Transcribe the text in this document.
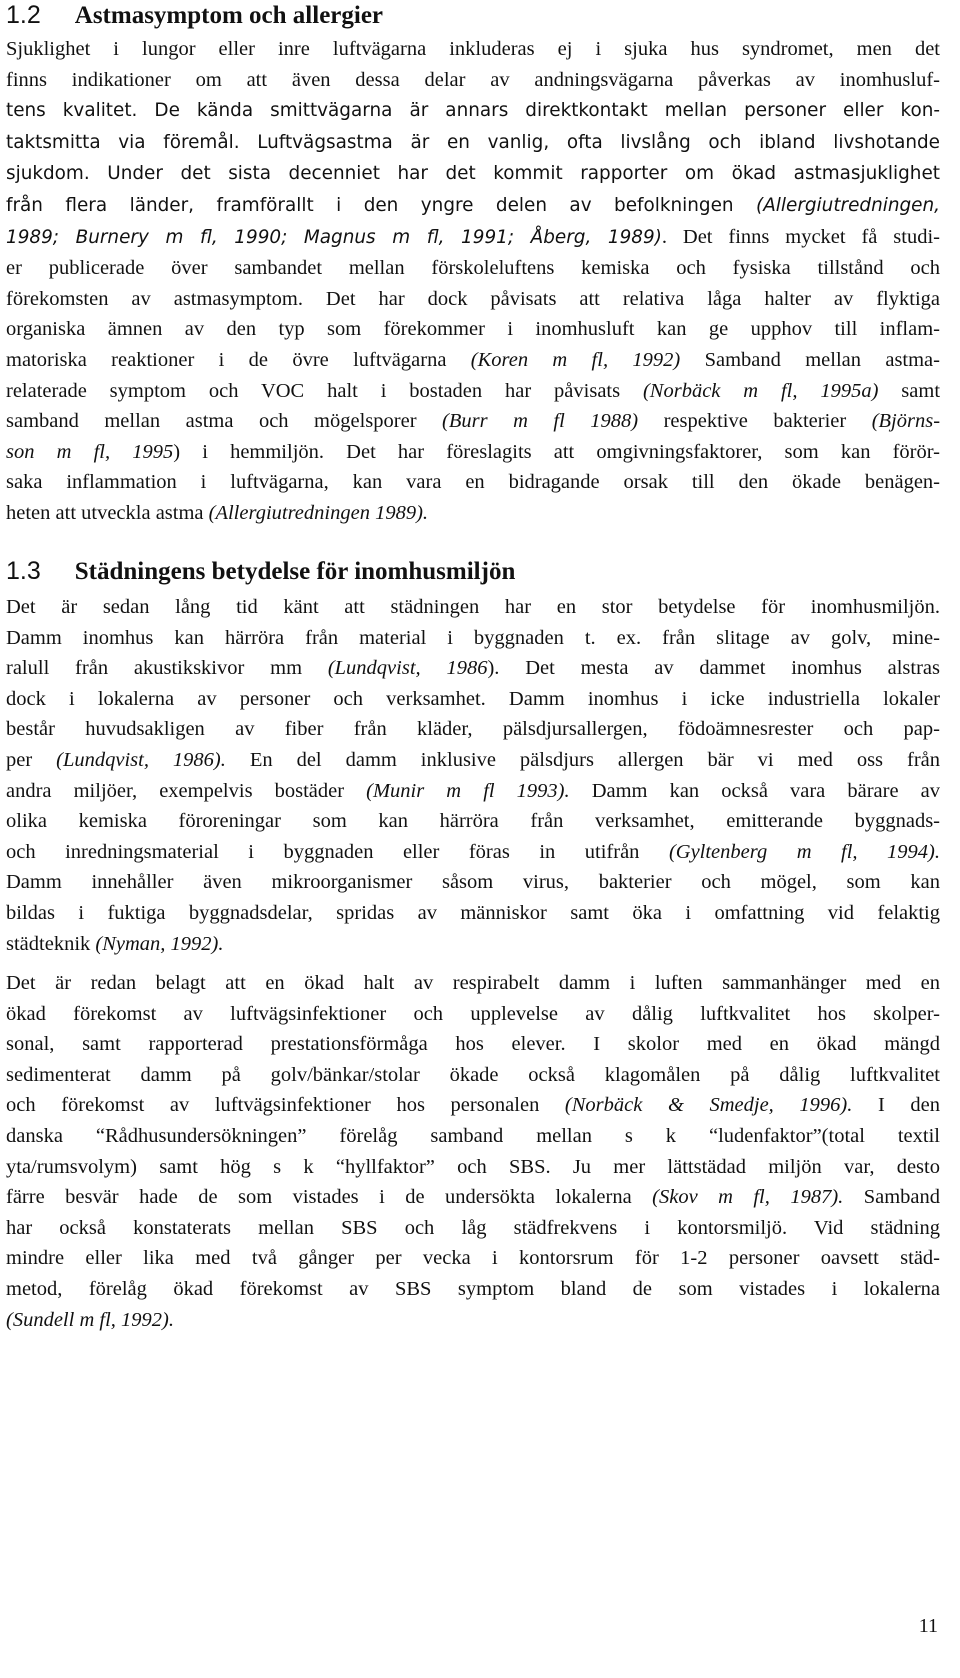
1.2 Astmasymptom och allergier
Sjuklighet i lungor eller inre luftvägarna inkluderas ej i sjuka hus syndromet, men det
finns indikationer om att även dessa delar av andningsvägarna påverkas av inomhusluf-
tens kvalitet. De kända smittvägarna är annars direktkontakt mellan personer eller kon-
taktsmitta via föremål. Luftvägsastma är en vanlig, ofta livslång och ibland livshotande
sjukdom. Under det sista decenniet har det kommit rapporter om ökad astmasjuklighet
från flera länder, framförallt i den yngre delen av befolkningen (Allergiutredningen,
1989; Burnery m fl, 1990; Magnus m fl, 1991; Åberg, 1989). Det finns mycket få studi-
er publicerade över sambandet mellan förskoleluftens kemiska och fysiska tillstånd och
förekomsten av astmasymptom. Det har dock påvisats att relativa låga halter av flyktiga
organiska ämnen av den typ som förekommer i inomhusluft kan ge upphov till inflam-
matoriska reaktioner i de övre luftvägarna (Koren m fl, 1992) Samband mellan astma-
relaterade symptom och VOC halt i bostaden har påvisats (Norbäck m fl, 1995a) samt
samband mellan astma och mögelsporer (Burr m fl 1988) respektive bakterier (Björns-
son m fl, 1995) i hemmiljön. Det har föreslagits att omgivningsfaktorer, som kan förör-
saka inflammation i luftvägarna, kan vara en bidragande orsak till den ökade benägen-
heten att utveckla astma (Allergiutredningen 1989).
1.3 Städningens betydelse för inomhusmiljön
Det är sedan lång tid känt att städningen har en stor betydelse för inomhusmiljön.
Damm inomhus kan härröra från material i byggnaden t. ex. från slitage av golv, mine-
ralull från akustikskivor mm (Lundqvist, 1986). Det mesta av dammet inomhus alstras
dock i lokalerna av personer och verksamhet. Damm inomhus i icke industriella lokaler
består huvudsakligen av fiber från kläder, pälsdjursallergen, födoämnesrester och pap-
per (Lundqvist, 1986). En del damm inklusive pälsdjurs allergen bär vi med oss från
andra miljöer, exempelvis bostäder (Munir m fl 1993). Damm kan också vara bärare av
olika kemiska föroreningar som kan härröra från verksamhet, emitterande byggnads-
och inredningsmaterial i byggnaden eller föras in utifrån (Gyltenberg m fl, 1994).
Damm innehåller även mikroorganismer såsom virus, bakterier och mögel, som kan
bildas i fuktiga byggnadsdelar, spridas av människor samt öka i omfattning vid felaktig
städteknik (Nyman, 1992).
Det är redan belagt att en ökad halt av respirabelt damm i luften sammanhänger med en
ökad förekomst av luftvägsinfektioner och upplevelse av dålig luftkvalitet hos skolper-
sonal, samt rapporterad prestationsförmåga hos elever. I skolor med en ökad mängd
sedimenterat damm på golv/bänkar/stolar ökade också klagomålen på dålig luftkvalitet
och förekomst av luftvägsinfektioner hos personalen (Norbäck & Smedje, 1996). I den
danska “Rådhusundersökningen” förelåg samband mellan s k “ludenfaktor”(total textil
yta/rumsvolym) samt hög s k “hyllfaktor” och SBS. Ju mer lättstädad miljön var, desto
färre besvär hade de som vistades i de undersökta lokalerna (Skov m fl, 1987). Samband
har också konstaterats mellan SBS och låg städfrekvens i kontorsmiljö. Vid städning
mindre eller lika med två gånger per vecka i kontorsrum för 1-2 personer oavsett städ-
metod, förelåg ökad förekomst av SBS symptom bland de som vistades i lokalerna
(Sundell m fl, 1992).
11
